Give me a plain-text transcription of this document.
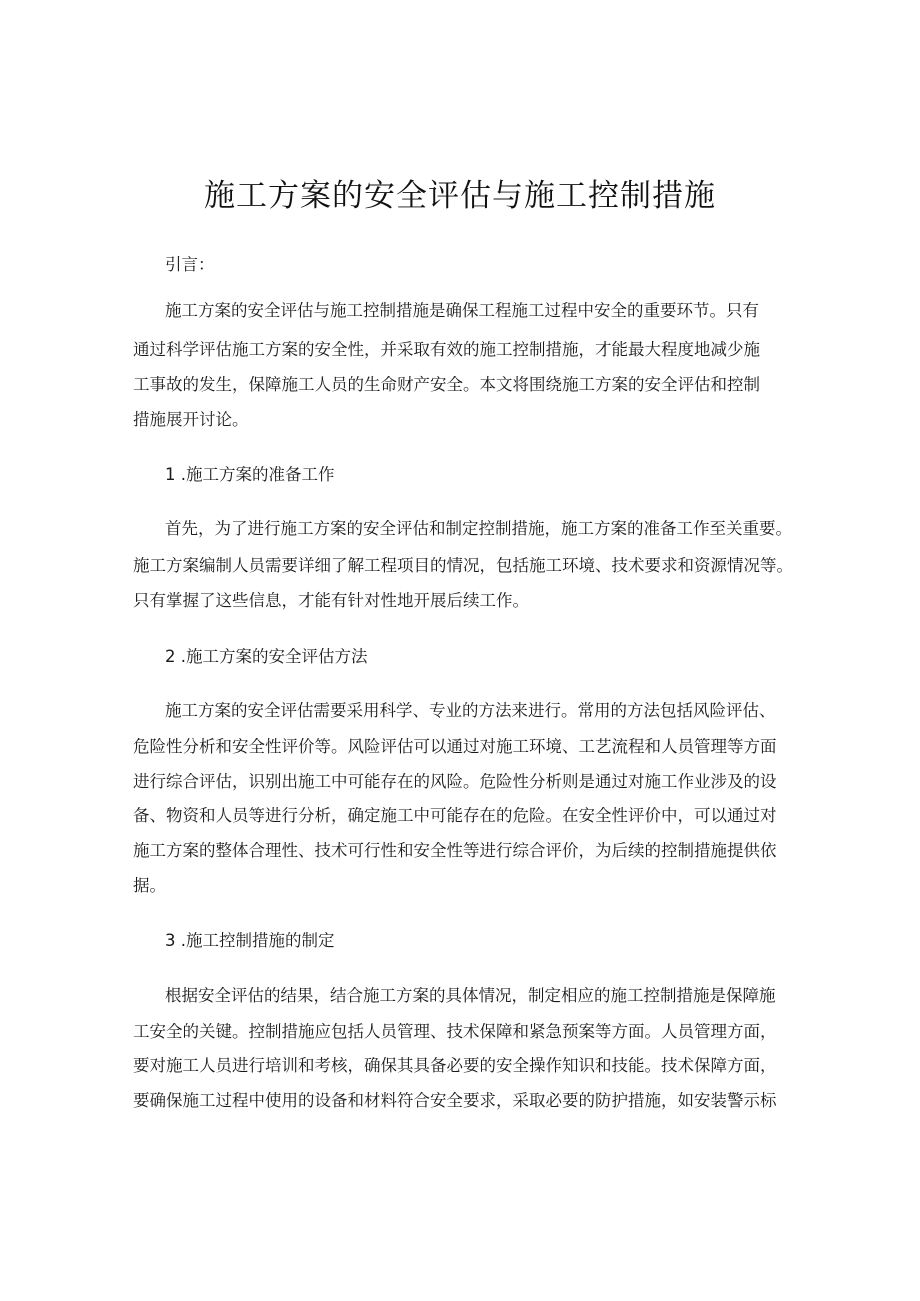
施工方案的安全评估与施工控制措施

引言：

施工方案的安全评估与施工控制措施是确保工程施工过程中安全的重要环节。只有

通过科学评估施工方案的安全性，并采取有效的施工控制措施，才能最大程度地减少施

工事故的发生，保障施工人员的生命财产安全。本文将围绕施工方案的安全评估和控制

措施展开讨论。

1 .施工方案的准备工作

首先，为了进行施工方案的安全评估和制定控制措施，施工方案的准备工作至关重要。

施工方案编制人员需要详细了解工程项目的情况，包括施工环境、技术要求和资源情况等。

只有掌握了这些信息，才能有针对性地开展后续工作。

2 .施工方案的安全评估方法

施工方案的安全评估需要采用科学、专业的方法来进行。常用的方法包括风险评估、

危险性分析和安全性评价等。风险评估可以通过对施工环境、工艺流程和人员管理等方面

进行综合评估，识别出施工中可能存在的风险。危险性分析则是通过对施工作业涉及的设

备、物资和人员等进行分析，确定施工中可能存在的危险。在安全性评价中，可以通过对

施工方案的整体合理性、技术可行性和安全性等进行综合评价，为后续的控制措施提供依

据。

3 .施工控制措施的制定

根据安全评估的结果，结合施工方案的具体情况，制定相应的施工控制措施是保障施

工安全的关键。控制措施应包括人员管理、技术保障和紧急预案等方面。人员管理方面，

要对施工人员进行培训和考核，确保其具备必要的安全操作知识和技能。技术保障方面，

要确保施工过程中使用的设备和材料符合安全要求，采取必要的防护措施，如安装警示标
